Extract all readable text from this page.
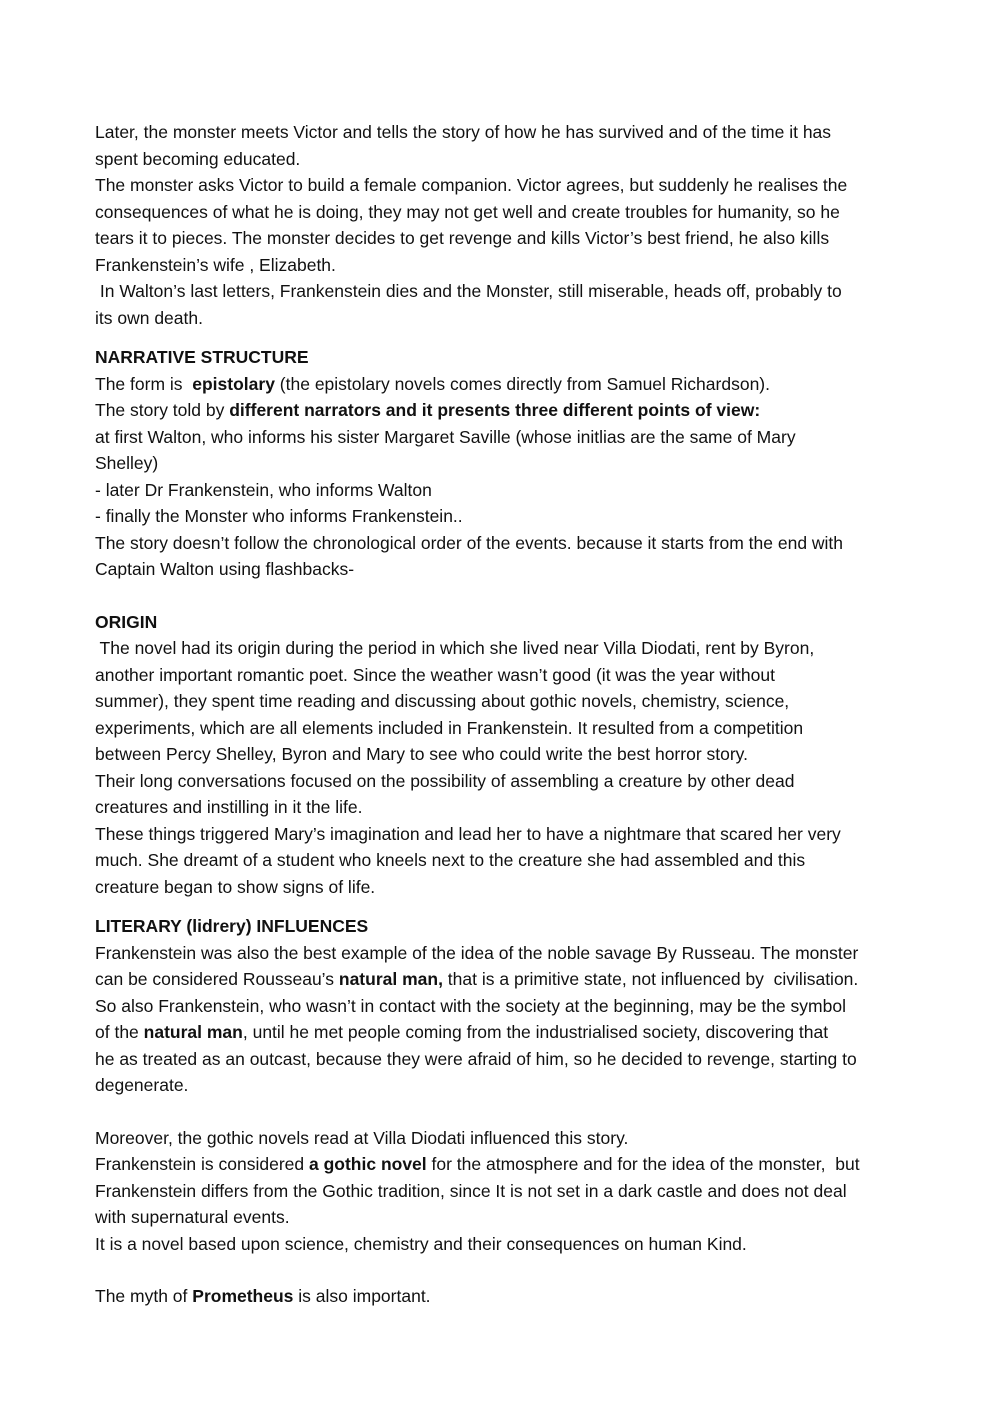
Later, the monster meets Victor and tells the story of how he has survived and of the time it has
spent becoming educated.
The monster asks Victor to build a female companion. Victor agrees, but suddenly he realises the
consequences of what he is doing, they may not get well and create troubles for humanity, so he
tears it to pieces. The monster decides to get revenge and kills Victor’s best friend, he also kills
Frankenstein’s wife , Elizabeth.
In Walton’s last letters, Frankenstein dies and the Monster, still miserable, heads off, probably to
its own death.
NARRATIVE STRUCTURE
The form is  epistolary (the epistolary novels comes directly from Samuel Richardson).
The story told by different narrators and it presents three different points of view:
at first Walton, who informs his sister Margaret Saville (whose initlias are the same of Mary
Shelley)
- later Dr Frankenstein, who informs Walton
- finally the Monster who informs Frankenstein..
The story doesn’t follow the chronological order of the events. because it starts from the end with
Captain Walton using flashbacks-
ORIGIN
The novel had its origin during the period in which she lived near Villa Diodati, rent by Byron,
another important romantic poet. Since the weather wasn’t good (it was the year without
summer), they spent time reading and discussing about gothic novels, chemistry, science,
experiments, which are all elements included in Frankenstein. It resulted from a competition
between Percy Shelley, Byron and Mary to see who could write the best horror story.
Their long conversations focused on the possibility of assembling a creature by other dead
creatures and instilling in it the life.
These things triggered Mary’s imagination and lead her to have a nightmare that scared her very
much. She dreamt of a student who kneels next to the creature she had assembled and this
creature began to show signs of life.
LITERARY (lidrery) INFLUENCES
Frankenstein was also the best example of the idea of the noble savage By Russeau. The monster
can be considered Rousseau’s natural man, that is a primitive state, not influenced by  civilisation.
So also Frankenstein, who wasn’t in contact with the society at the beginning, may be the symbol
of the natural man, until he met people coming from the industrialised society, discovering that
he as treated as an outcast, because they were afraid of him, so he decided to revenge, starting to
degenerate.
Moreover, the gothic novels read at Villa Diodati influenced this story.
Frankenstein is considered a gothic novel for the atmosphere and for the idea of the monster,  but
Frankenstein differs from the Gothic tradition, since It is not set in a dark castle and does not deal
with supernatural events.
It is a novel based upon science, chemistry and their consequences on human Kind.
The myth of Prometheus is also important.
